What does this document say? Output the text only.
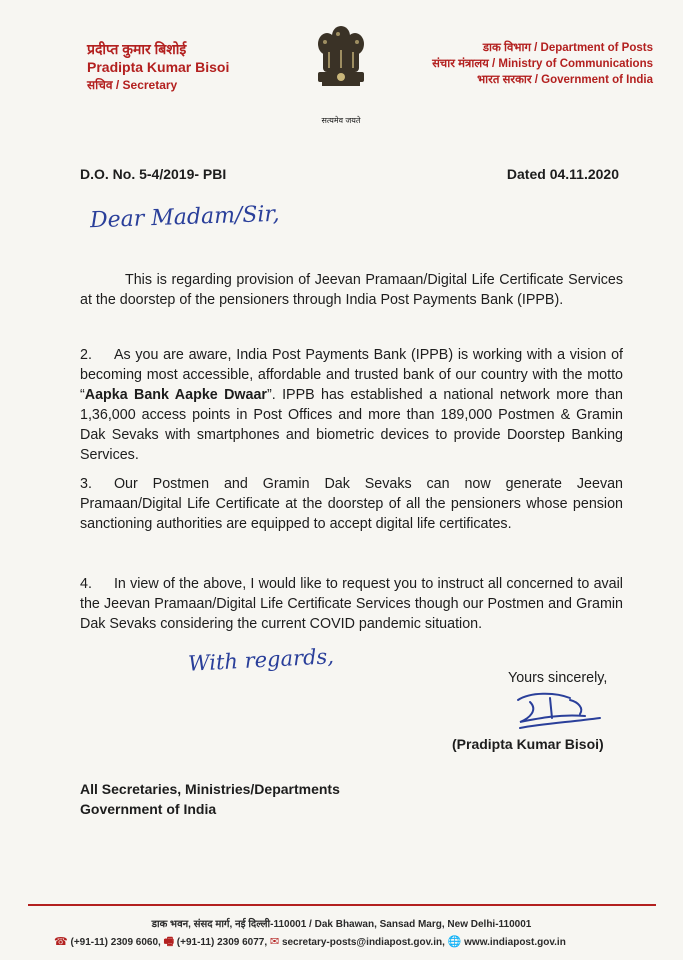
प्रदीप्त कुमार बिशोई
Pradipta Kumar Bisoi
सचिव / Secretary
सत्यमेव जयते
डाक विभाग / Department of Posts
संचार मंत्रालय / Ministry of Communications
भारत सरकार / Government of India
D.O. No. 5-4/2019- PBI	Dated 04.11.2020
Dear Madam/Sir,

This is regarding provision of Jeevan Pramaan/Digital Life Certificate Services at the doorstep of the pensioners through India Post Payments Bank (IPPB).

2. As you are aware, India Post Payments Bank (IPPB) is working with a vision of becoming most accessible, affordable and trusted bank of our country with the motto “Aapka Bank Aapke Dwaar”. IPPB has established a national network more than 1,36,000 access points in Post Offices and more than 189,000 Postmen & Gramin Dak Sevaks with smartphones and biometric devices to provide Doorstep Banking Services.

3. Our Postmen and Gramin Dak Sevaks can now generate Jeevan Pramaan/Digital Life Certificate at the doorstep of all the pensioners whose pension sanctioning authorities are equipped to accept digital life certificates.

4. In view of the above, I would like to request you to instruct all concerned to avail the Jeevan Pramaan/Digital Life Certificate Services though our Postmen and Gramin Dak Sevaks considering the current COVID pandemic situation.

With regards,
Yours sincerely,
(Pradipta Kumar Bisoi)
All Secretaries, Ministries/Departments
Government of India
डाक भवन, संसद मार्ग, नई दिल्ली-110001 / Dak Bhawan, Sansad Marg, New Delhi-110001
☎ (+91-11) 2309 6060, 🖷 (+91-11) 2309 6077, ✉ secretary-posts@indiapost.gov.in, 🌐 www.indiapost.gov.in
